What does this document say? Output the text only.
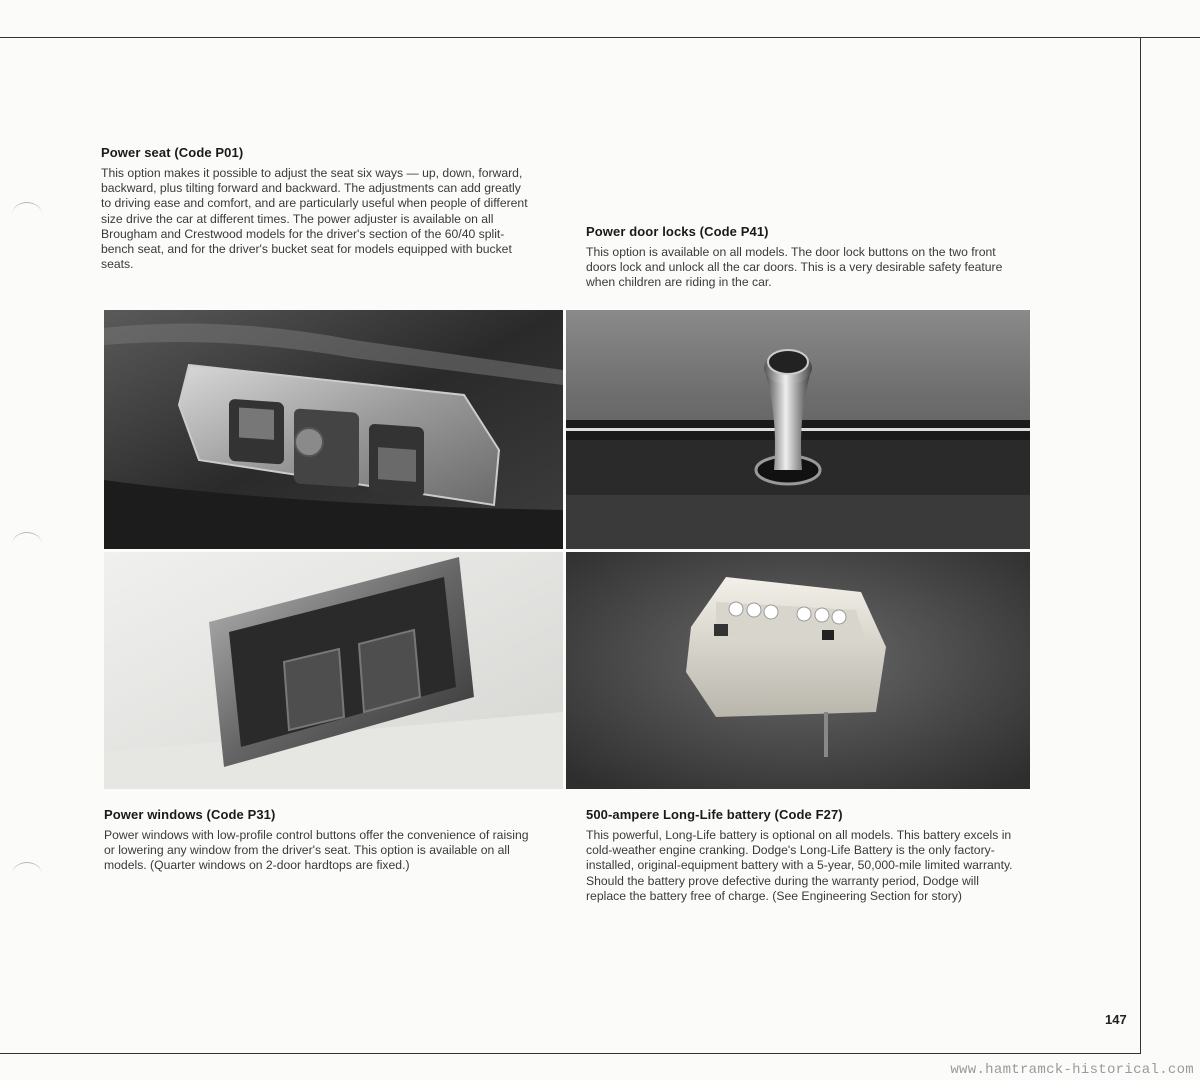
Power seat (Code P01)

This option makes it possible to adjust the seat six ways — up, down, forward, backward, plus tilting forward and backward. The adjustments can add greatly to driving ease and comfort, and are particularly useful when people of different size drive the car at different times. The power adjuster is available on all Brougham and Crestwood models for the driver's section of the 60/40 split-bench seat, and for the driver's bucket seat for models equipped with bucket seats.

Power door locks (Code P41)

This option is available on all models. The door lock buttons on the two front doors lock and unlock all the car doors. This is a very desirable safety feature when children are riding in the car.

Power windows (Code P31)

Power windows with low-profile control buttons offer the convenience of raising or lowering any window from the driver's seat. This option is available on all models. (Quarter windows on 2-door hardtops are fixed.)

500-ampere Long-Life battery (Code F27)

This powerful, Long-Life battery is optional on all models. This battery excels in cold-weather engine cranking. Dodge's Long-Life Battery is the only factory-installed, original-equipment battery with a 5-year, 50,000-mile limited warranty. Should the battery prove defective during the warranty period, Dodge will replace the battery free of charge. (See Engineering Section for story)

147
www.hamtramck-historical.com
